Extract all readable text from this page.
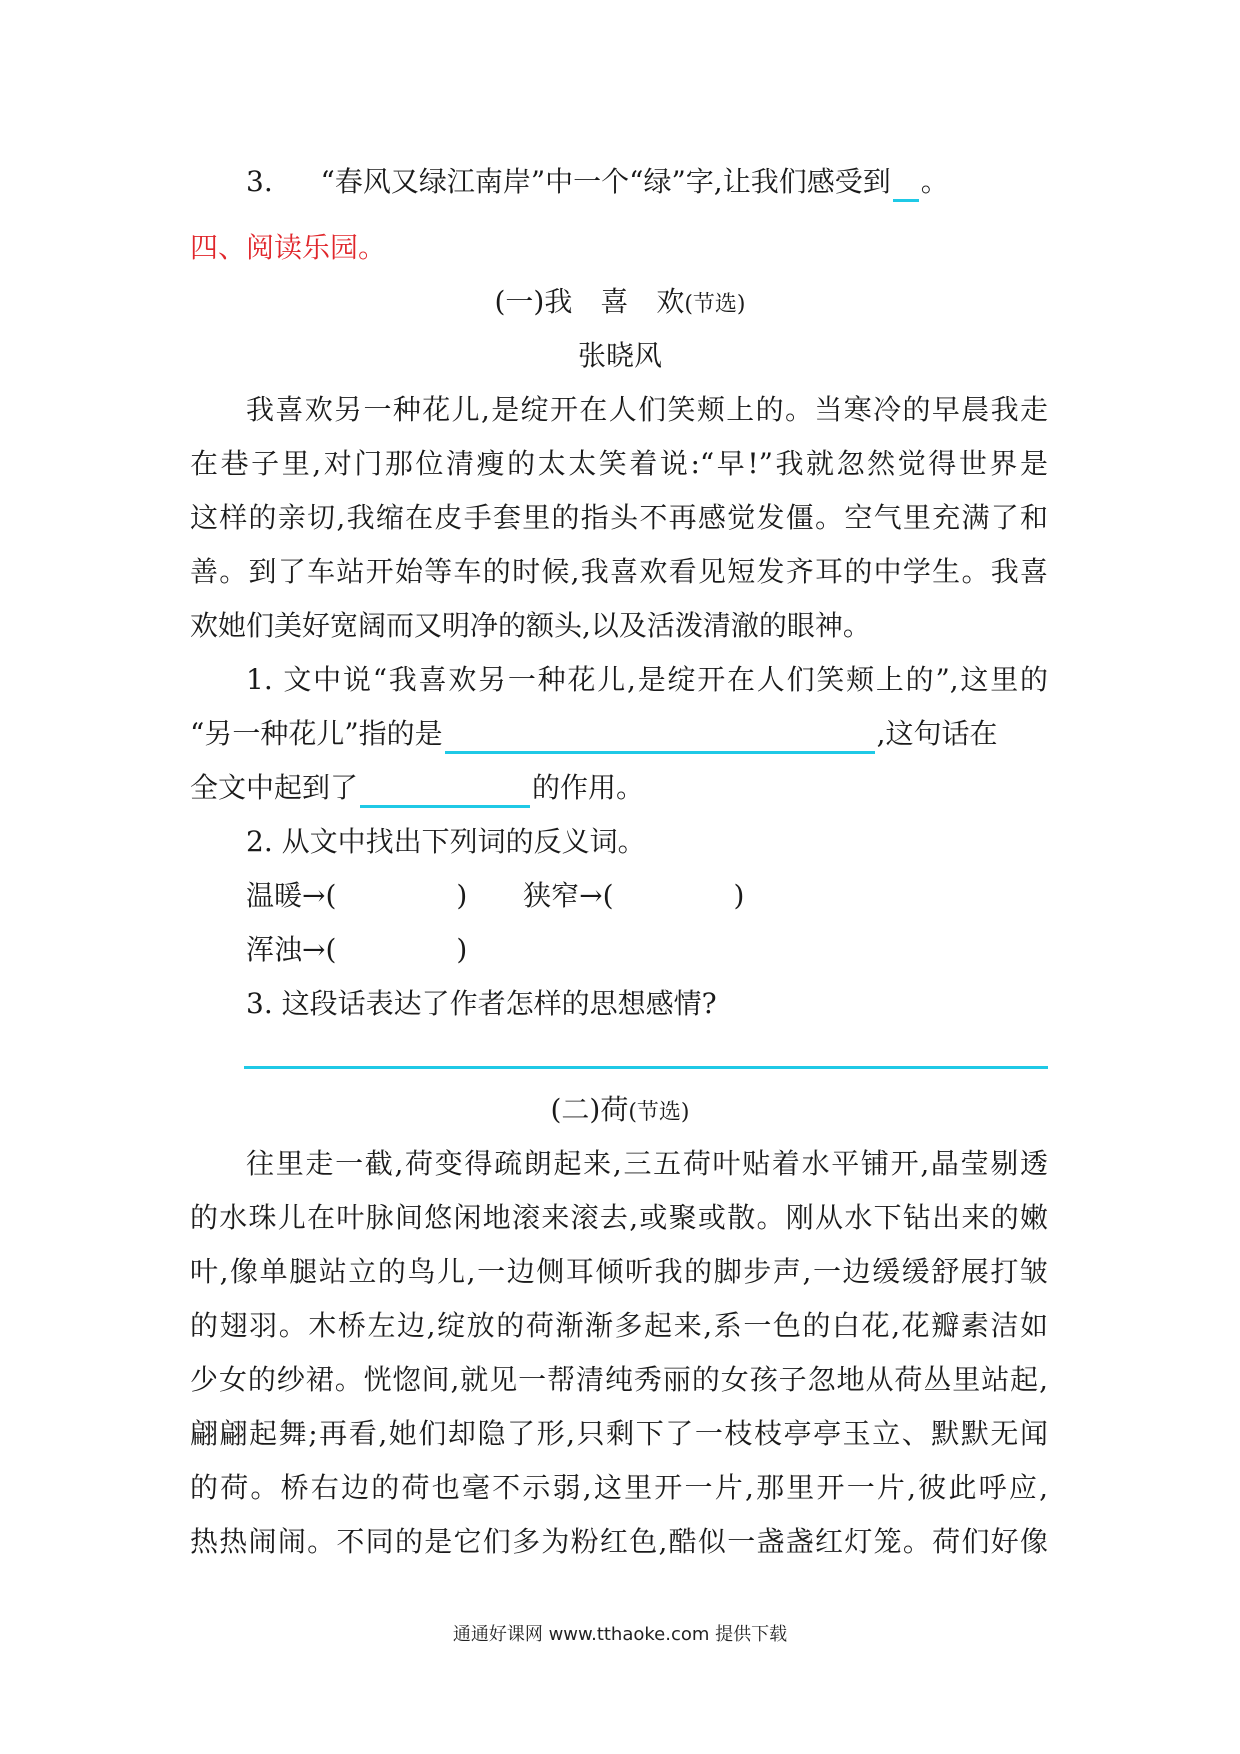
3. “春风又绿江南岸”中一个“绿”字,让我们感受到 。
四、阅读乐园。
(一)我　喜　欢(节选)
张晓风
我喜欢另一种花儿,是绽开在人们笑颊上的。当寒冷的早晨我走
在巷子里,对门那位清瘦的太太笑着说:“早!”我就忽然觉得世界是
这样的亲切,我缩在皮手套里的指头不再感觉发僵。空气里充满了和
善。到了车站开始等车的时候,我喜欢看见短发齐耳的中学生。我喜
欢她们美好宽阔而又明净的额头,以及活泼清澈的眼神。
1. 文中说“我喜欢另一种花儿,是绽开在人们笑颊上的”,这里的
“另一种花儿”指的是	,这句话在
全文中起到了	的作用。
2. 从文中找出下列词的反义词。
温暖→(	) 狭窄→(	)
浑浊→(	)
3. 这段话表达了作者怎样的思想感情?
(二)荷(节选)
往里走一截,荷变得疏朗起来,三五荷叶贴着水平铺开,晶莹剔透
的水珠儿在叶脉间悠闲地滚来滚去,或聚或散。刚从水下钻出来的嫩
叶,像单腿站立的鸟儿,一边侧耳倾听我的脚步声,一边缓缓舒展打皱
的翅羽。木桥左边,绽放的荷渐渐多起来,系一色的白花,花瓣素洁如
少女的纱裙。恍惚间,就见一帮清纯秀丽的女孩子忽地从荷丛里站起,
翩翩起舞;再看,她们却隐了形,只剩下了一枝枝亭亭玉立、默默无闻
的荷。桥右边的荷也毫不示弱,这里开一片,那里开一片,彼此呼应,
热热闹闹。不同的是它们多为粉红色,酷似一盏盏红灯笼。荷们好像
通通好课网 www.tthaoke.com 提供下载
